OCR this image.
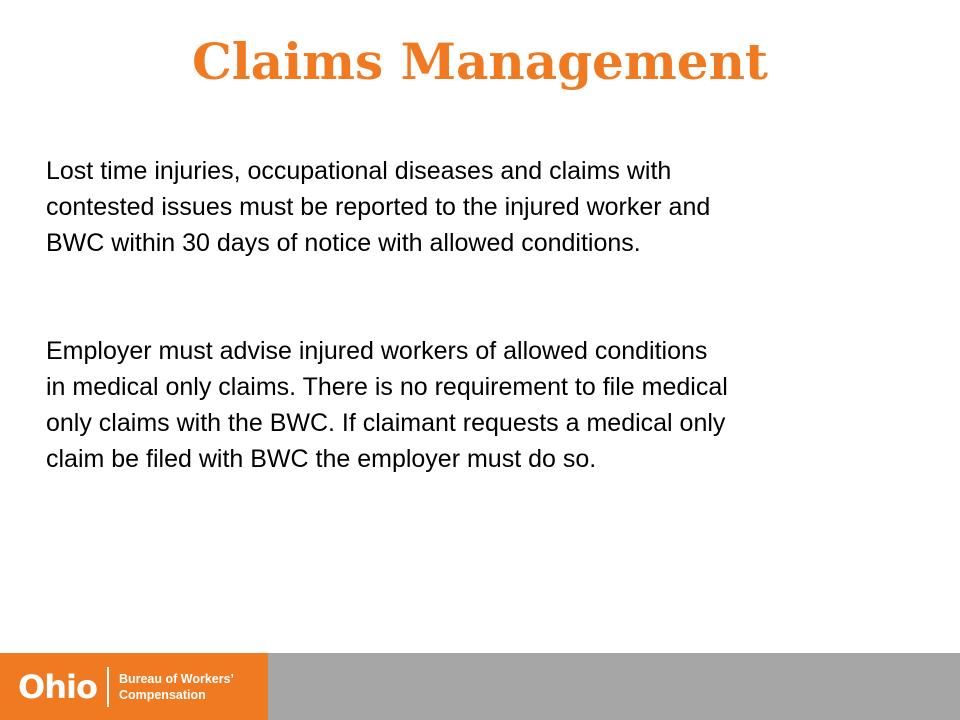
Claims Management

Lost time injuries, occupational diseases and claims with
contested issues must be reported to the injured worker and
BWC within 30 days of notice with allowed conditions.

Employer must advise injured workers of allowed conditions
in medical only claims. There is no requirement to file medical
only claims with the BWC. If claimant requests a medical only
claim be filed with BWC the employer must do so.

Ohio Bureau of Workers’
Compensation
